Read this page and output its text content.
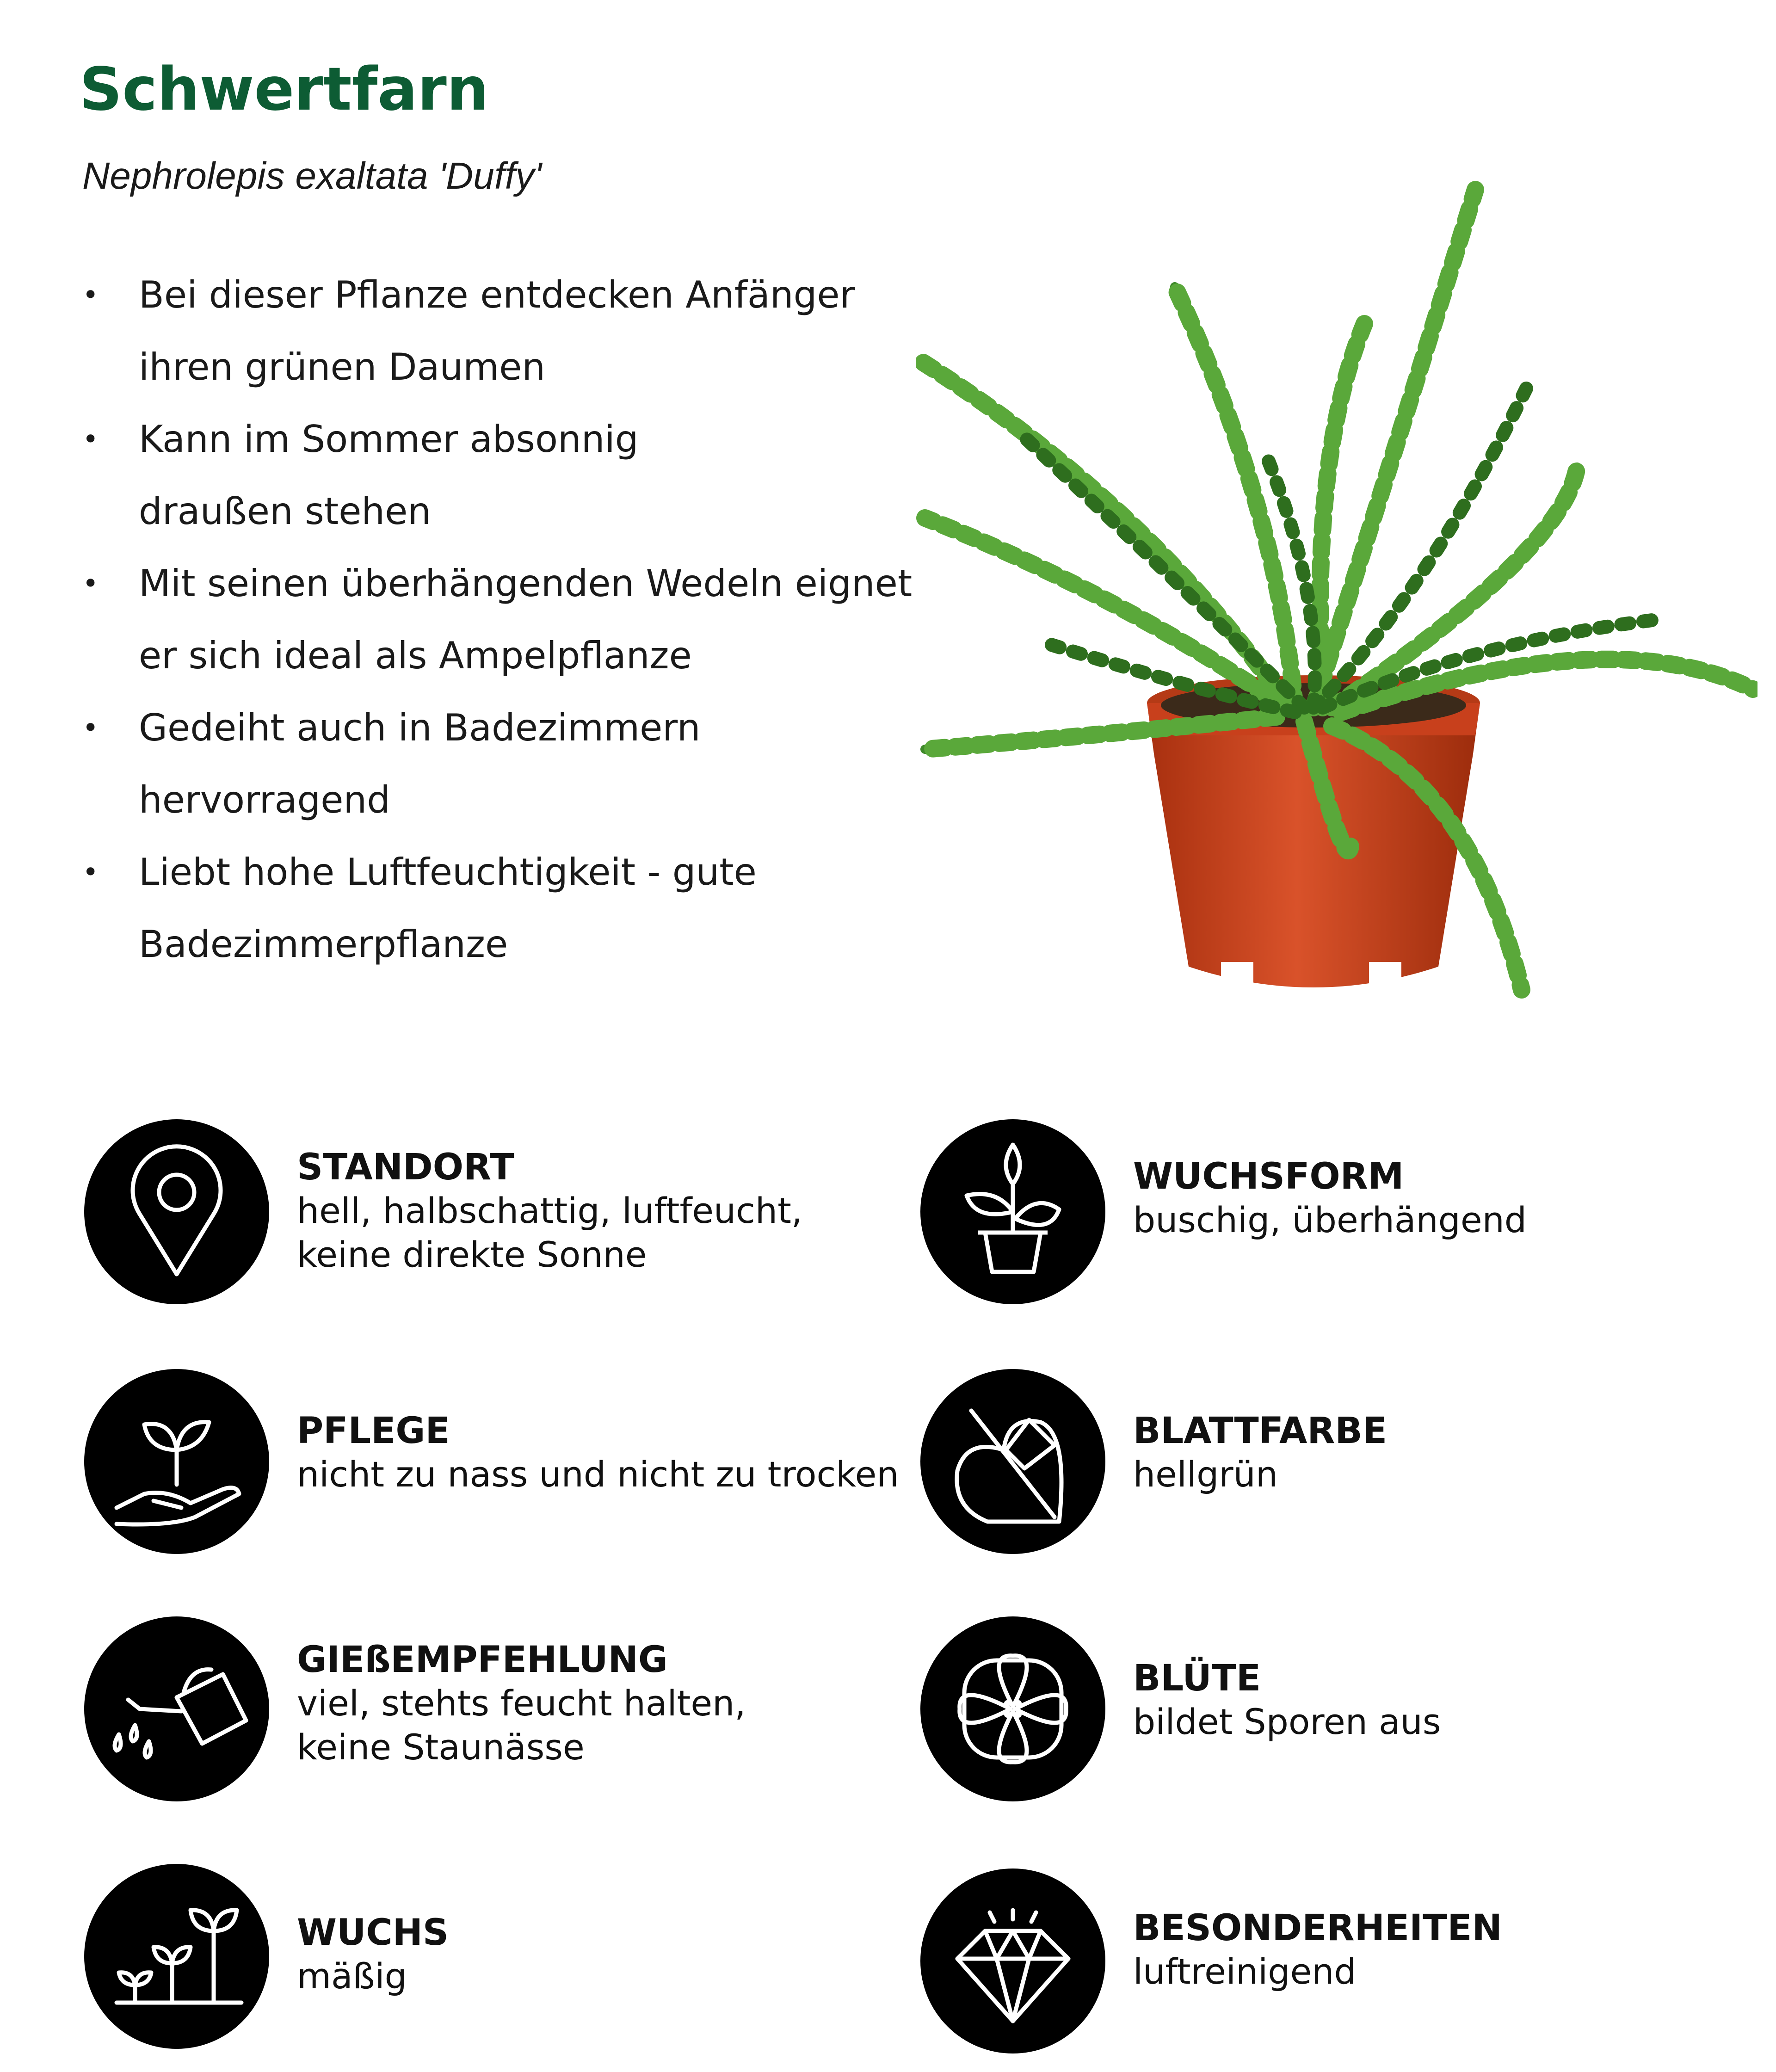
Schwertfarn
Nephrolepis exaltata 'Duffy'
• Bei dieser Pflanze entdecken Anfänger
ihren grünen Daumen
• Kann im Sommer absonnig
draußen stehen
• Mit seinen überhängenden Wedeln eignet
er sich ideal als Ampelpflanze
• Gedeiht auch in Badezimmern
hervorragend
• Liebt hohe Luftfeuchtigkeit - gute
Badezimmerpflanze
STANDORT
hell, halbschattig, luftfeucht,
keine direkte Sonne
WUCHSFORM
buschig, überhängend
PFLEGE
nicht zu nass und nicht zu trocken
BLATTFARBE
hellgrün
GIEßEMPFEHLUNG
viel, stehts feucht halten,
keine Staunässe
BLÜTE
bildet Sporen aus
WUCHS
mäßig
BESONDERHEITEN
luftreinigend
